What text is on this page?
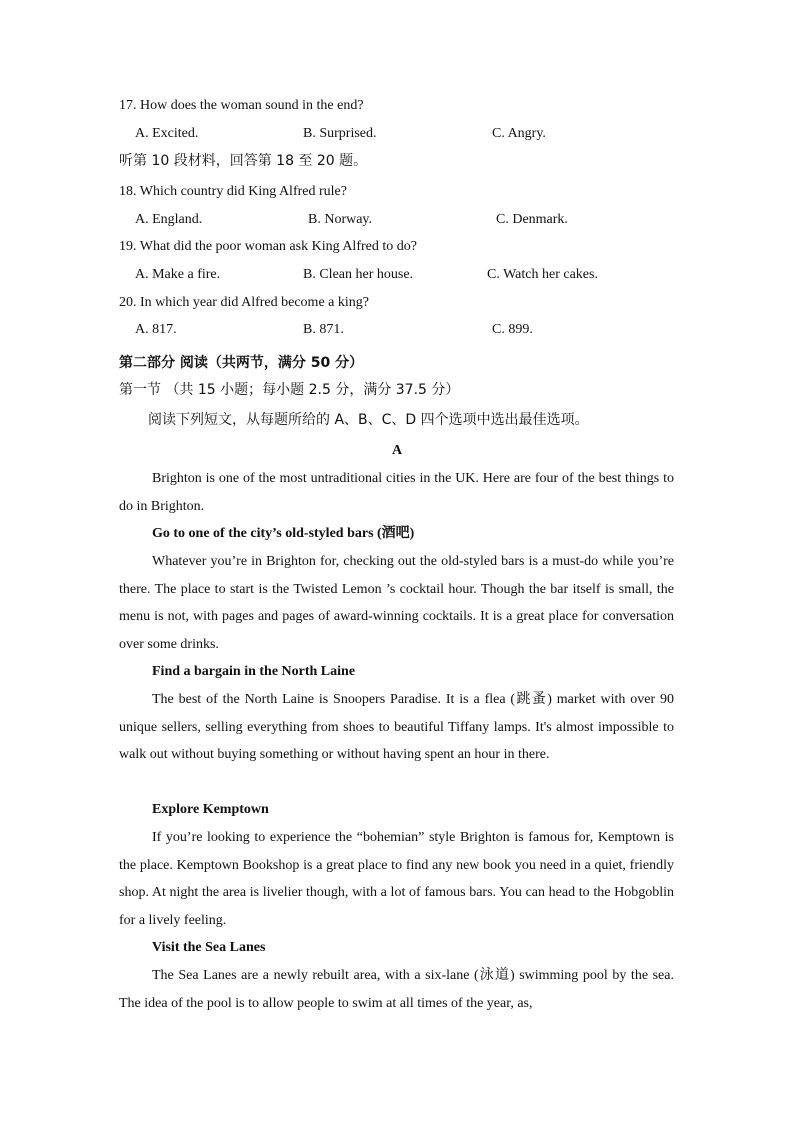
17. How does the woman sound in the end?
A. Excited.	B. Surprised.	C. Angry.
听第 10 段材料，回答第 18 至 20 题。
18. Which country did King Alfred rule?
A. England.	B. Norway.	C. Denmark.
19. What did the poor woman ask King Alfred to do?
A. Make a fire.	B. Clean her house.	C. Watch her cakes.
20. In which year did Alfred become a king?
A. 817.	B. 871.	C. 899.
第二部分 阅读（共两节，满分 50 分）
第一节 （共 15 小题；每小题 2.5 分，满分 37.5 分）
阅读下列短文，从每题所给的 A、B、C、D 四个选项中选出最佳选项。
A
Brighton is one of the most untraditional cities in the UK. Here are four of the best things to do in Brighton.
Go to one of the city’s old-styled bars (酒吧)
Whatever you’re in Brighton for, checking out the old-styled bars is a must-do while you’re there. The place to start is the Twisted Lemon ’s cocktail hour. Though the bar itself is small, the menu is not, with pages and pages of award-winning cocktails. It is a great place for conversation over some drinks.
Find a bargain in the North Laine
The best of the North Laine is Snoopers Paradise. It is a flea (跳蚤) market with over 90 unique sellers, selling everything from shoes to beautiful Tiffany lamps. It's almost impossible to walk out without buying something or without having spent an hour in there.
Explore Kemptown
If you’re looking to experience the “bohemian” style Brighton is famous for, Kemptown is the place. Kemptown Bookshop is a great place to find any new book you need in a quiet, friendly shop. At night the area is livelier though, with a lot of famous bars. You can head to the Hobgoblin for a lively feeling.
Visit the Sea Lanes
The Sea Lanes are a newly rebuilt area, with a six-lane (泳道) swimming pool by the sea. The idea of the pool is to allow people to swim at all times of the year, as,
